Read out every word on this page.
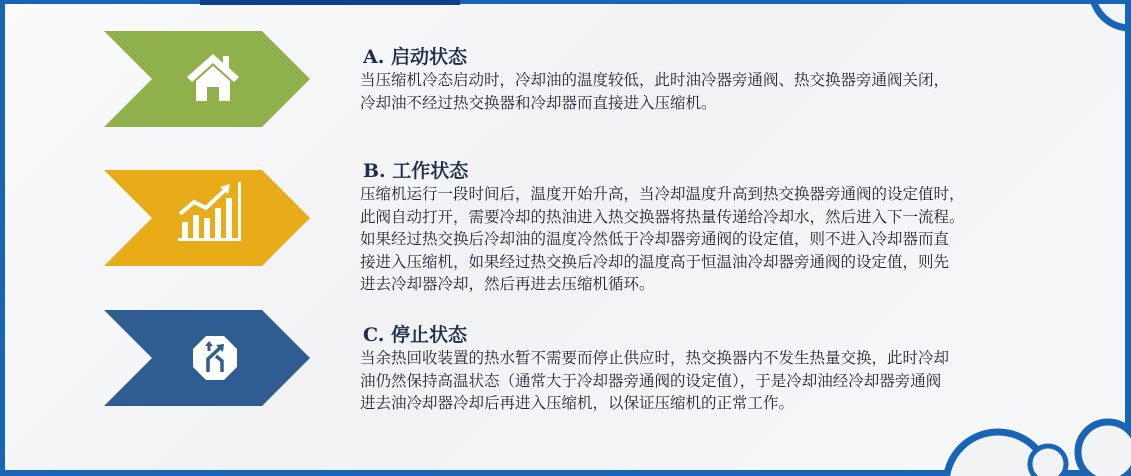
A. 启动状态

当压缩机冷态启动时，冷却油的温度较低，此时油冷器旁通阀、热交换器旁通阀关闭，
冷却油不经过热交换器和冷却器而直接进入压缩机。

B. 工作状态

压缩机运行一段时间后，温度开始升高，当冷却温度升高到热交换器旁通阀的设定值时，
此阀自动打开，需要冷却的热油进入热交换器将热量传递给冷却水，然后进入下一流程。
如果经过热交换后冷却油的温度冷然低于冷却器旁通阀的设定值，则不进入冷却器而直
接进入压缩机，如果经过热交换后冷却的温度高于恒温油冷却器旁通阀的设定值，则先
进去冷却器冷却，然后再进去压缩机循环。

C. 停止状态

当余热回收装置的热水暂不需要而停止供应时，热交换器内不发生热量交换，此时冷却
油仍然保持高温状态（通常大于冷却器旁通阀的设定值），于是冷却油经冷却器旁通阀
进去油冷却器冷却后再进入压缩机，以保证压缩机的正常工作。
